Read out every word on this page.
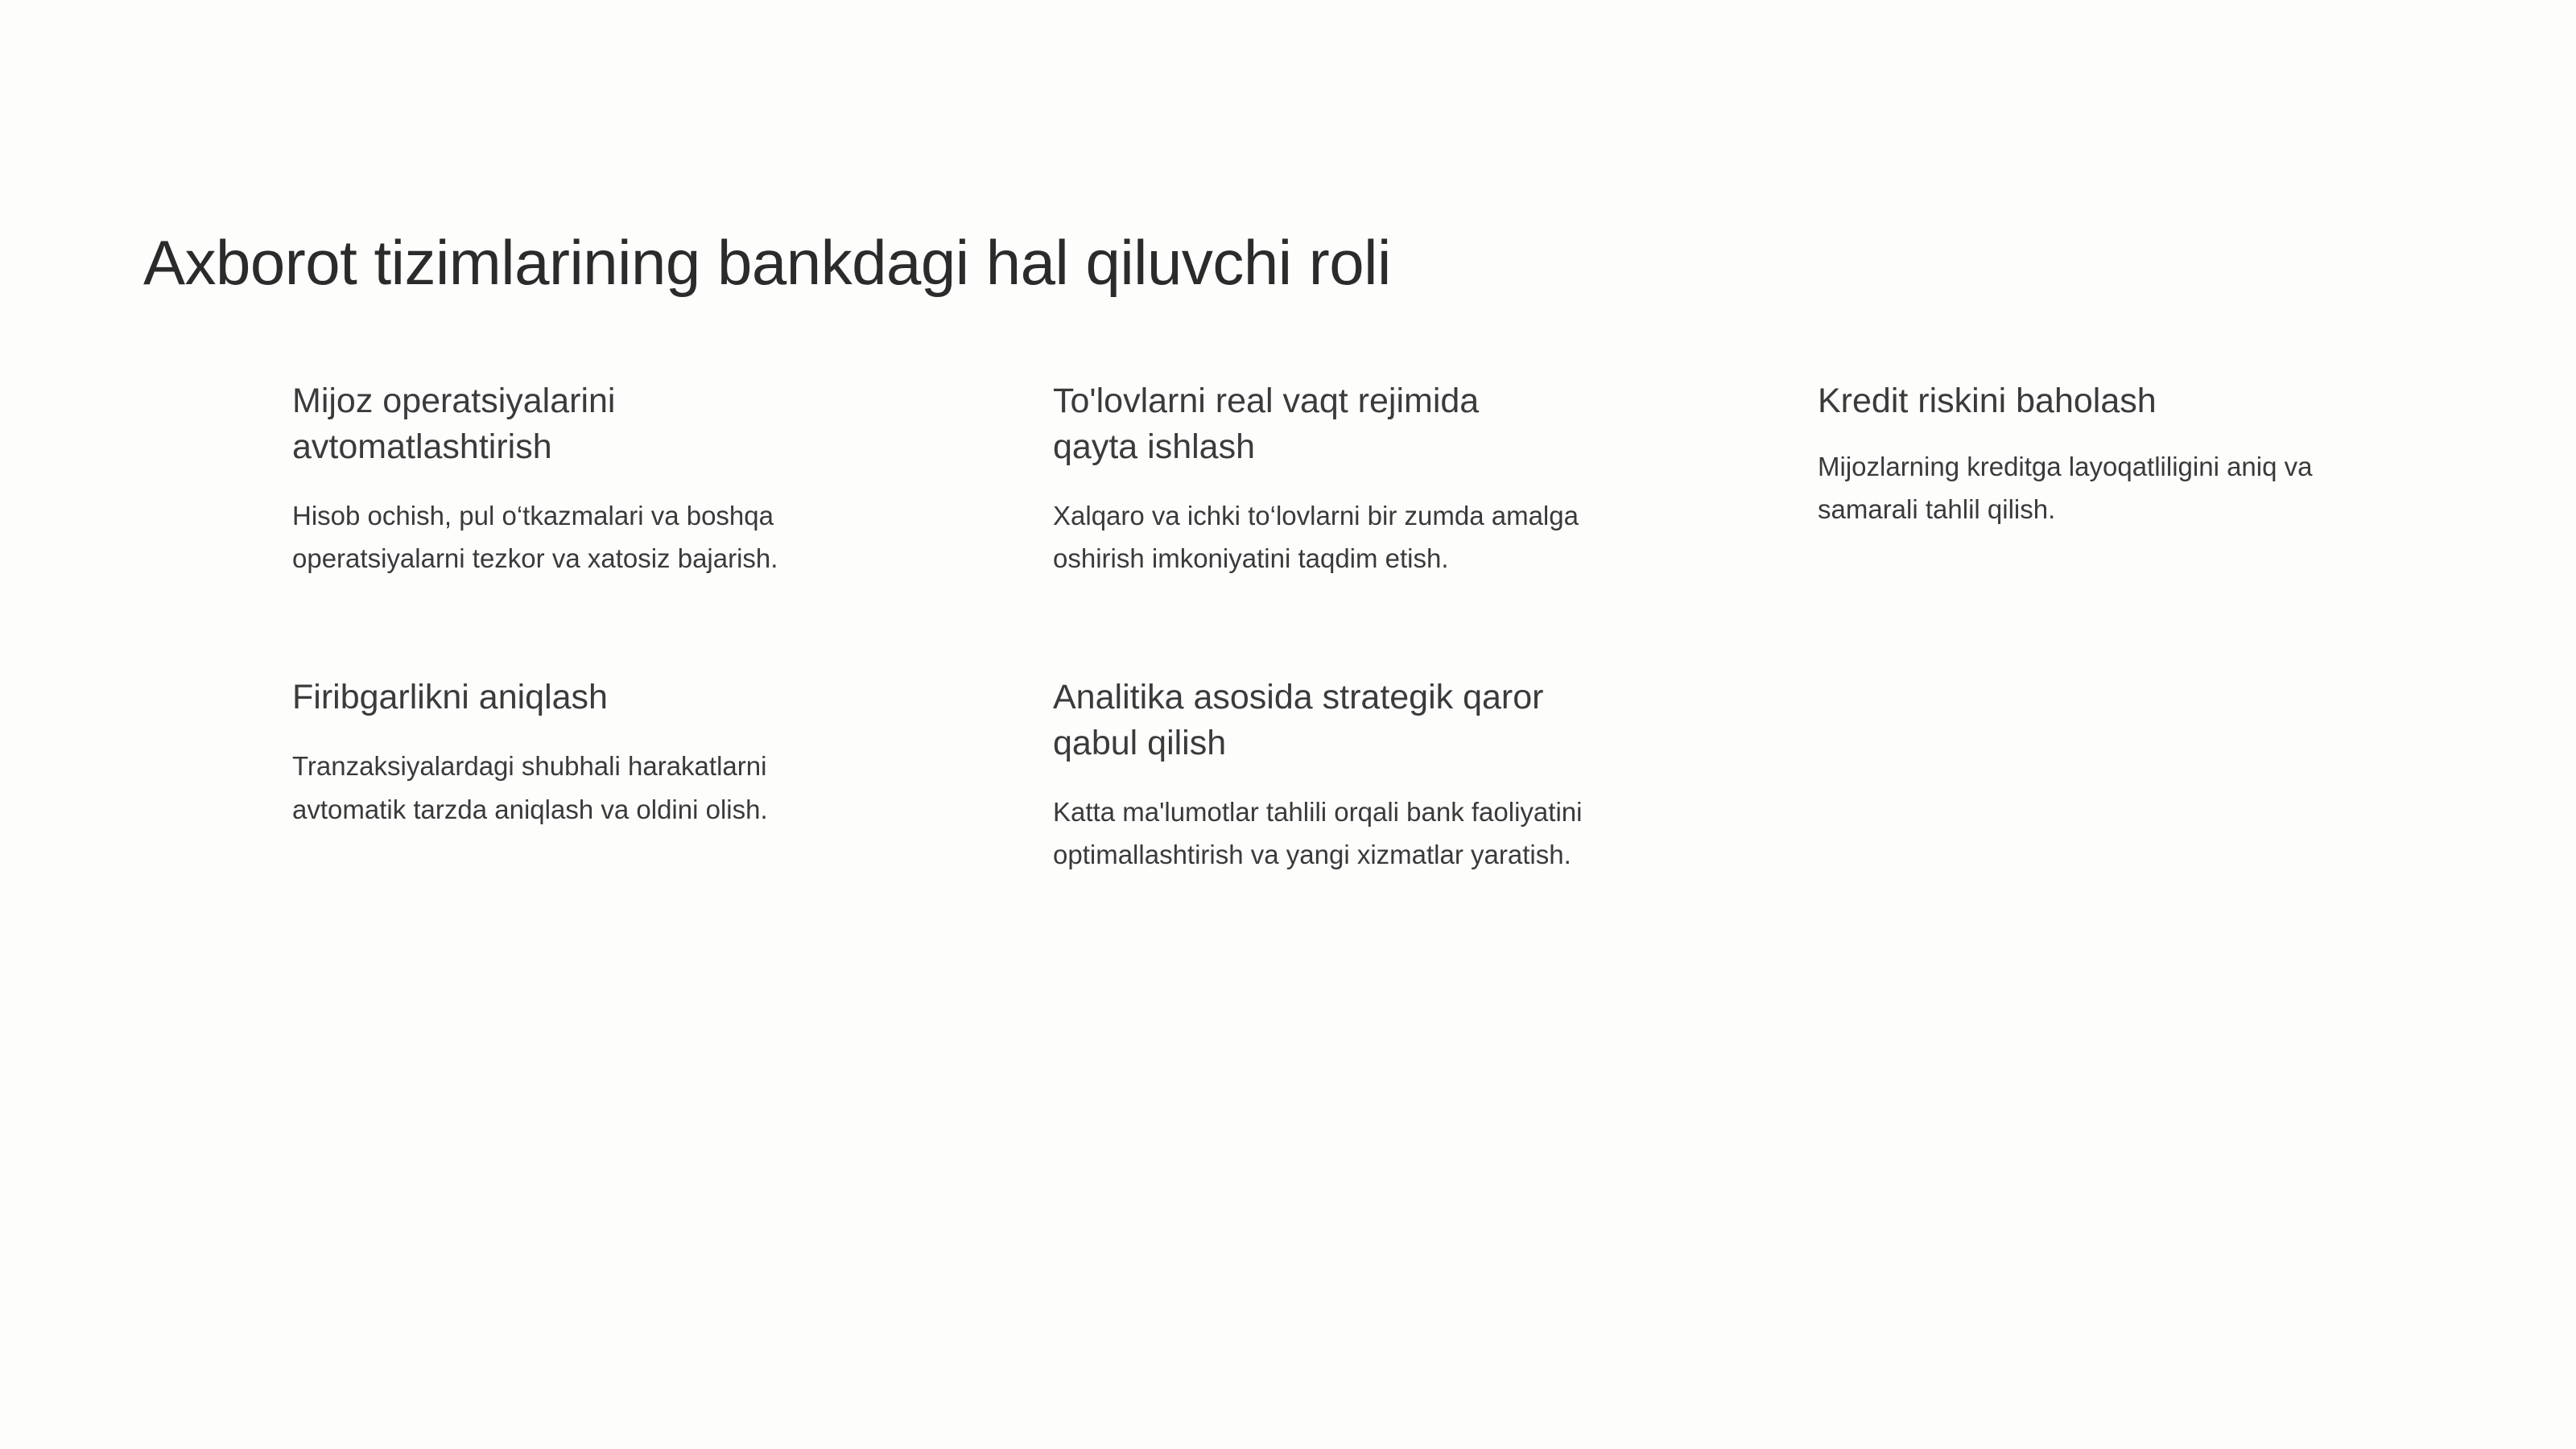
Axborot tizimlarining bankdagi hal qiluvchi roli
Mijoz operatsiyalarini avtomatlashtirish
Hisob ochish, pul o‘tkazmalari va boshqa operatsiyalarni tezkor va xatosiz bajarish.
Firibgarlikni aniqlash
Tranzaksiyalardagi shubhali harakatlarni avtomatik tarzda aniqlash va oldini olish.
To'lovlarni real vaqt rejimida qayta ishlash
Xalqaro va ichki to‘lovlarni bir zumda amalga oshirish imkoniyatini taqdim etish.
Analitika asosida strategik qaror qabul qilish
Katta ma'lumotlar tahlili orqali bank faoliyatini optimallashtirish va yangi xizmatlar yaratish.
Kredit riskini baholash
Mijozlarning kreditga layoqatliligini aniq va samarali tahlil qilish.
